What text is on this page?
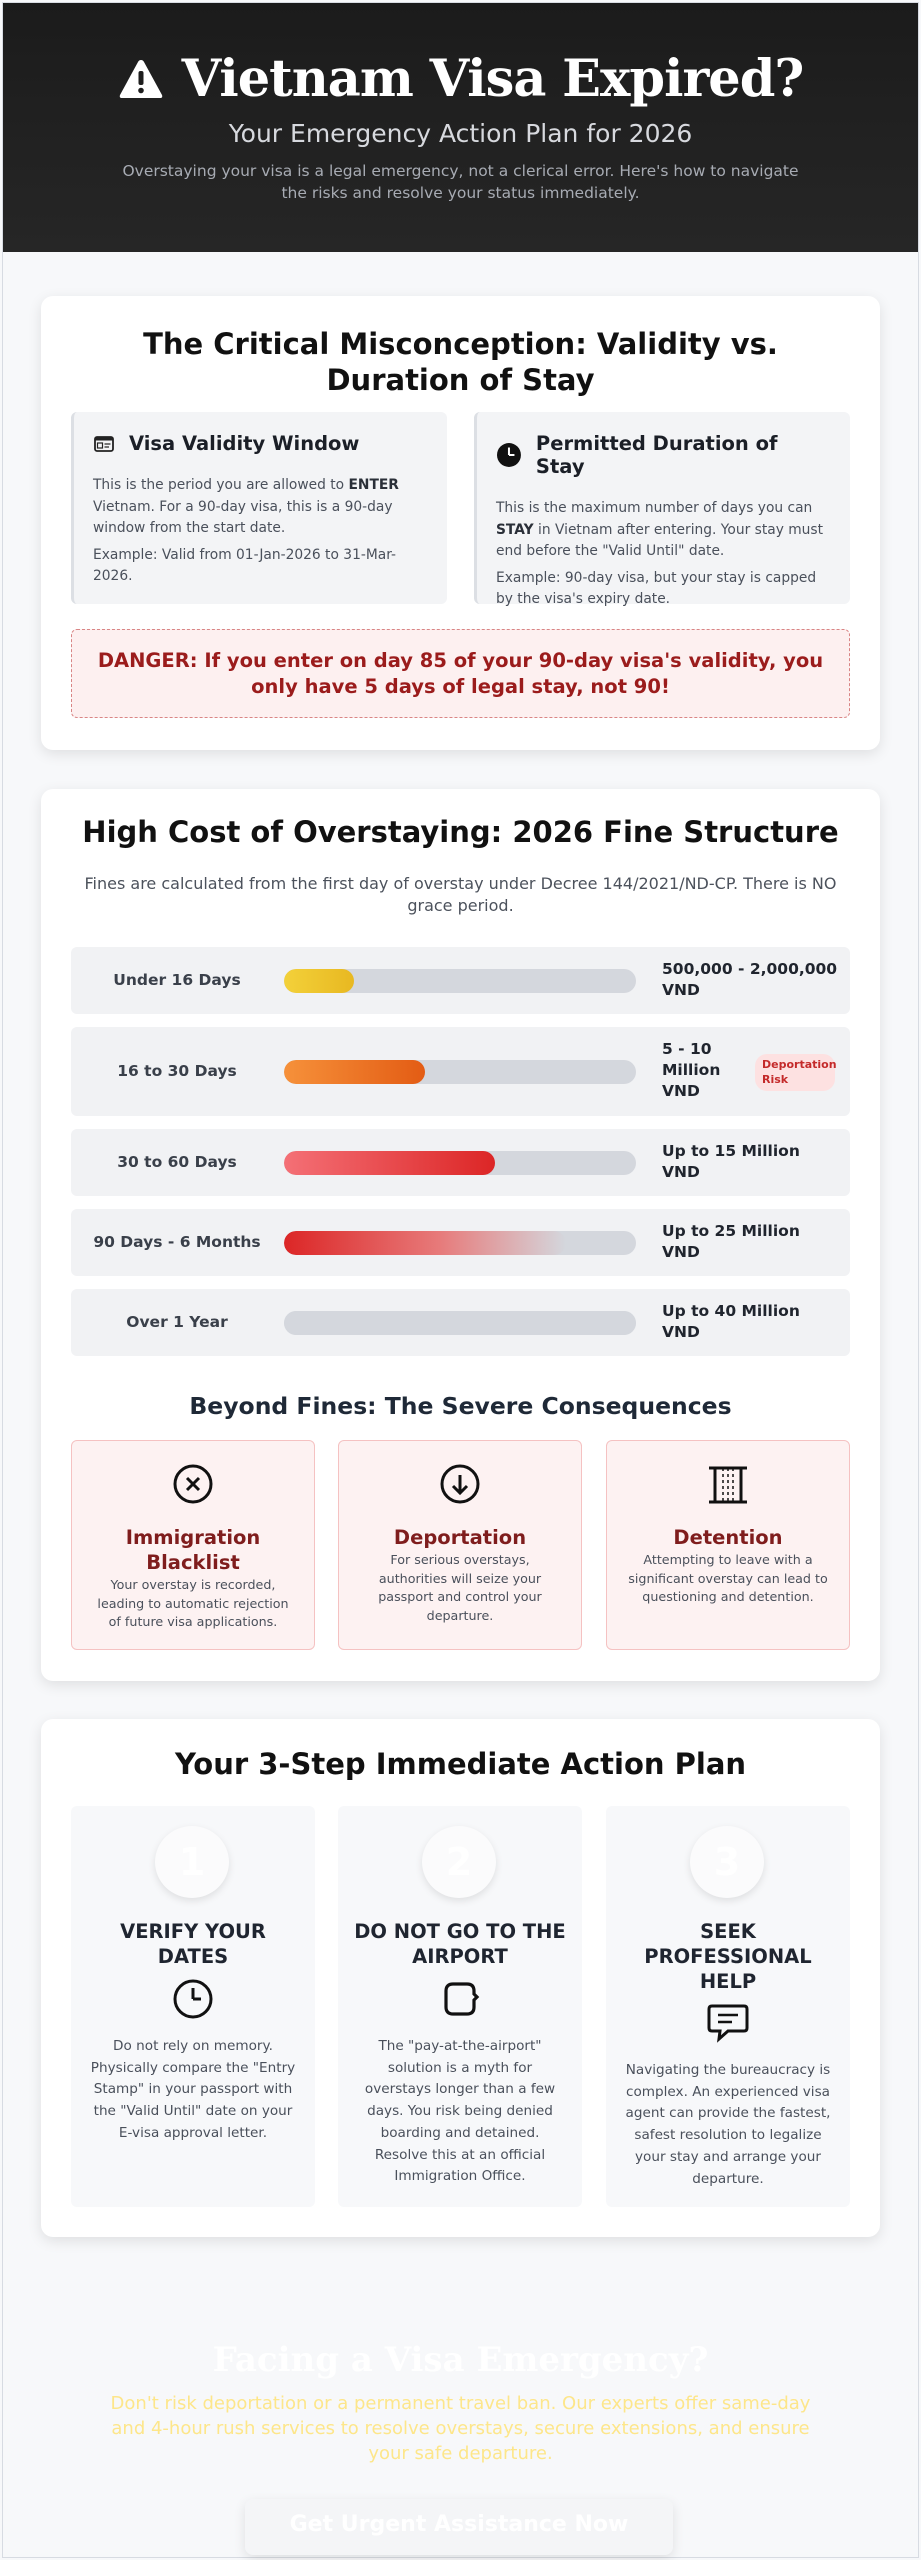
Vietnam Visa Expired?
Your Emergency Action Plan for 2026
Overstaying your visa is a legal emergency, not a clerical error. Here's how to navigate the risks and resolve your status immediately.
The Critical Misconception: Validity vs. Duration of Stay
Visa Validity Window

This is the period you are allowed to ENTER Vietnam. For a 90-day visa, this is a 90-day window from the start date.

Example: Valid from 01-Jan-2026 to 31-Mar-2026.

Permitted Duration of Stay

This is the maximum number of days you can STAY in Vietnam after entering. Your stay must end before the "Valid Until" date.

Example: 90-day visa, but your stay is capped by the visa's expiry date.

DANGER: If you enter on day 85 of your 90-day visa's validity, you only have 5 days of legal stay, not 90!
High Cost of Overstaying: 2026 Fine Structure

Fines are calculated from the first day of overstay under Decree 144/2021/ND-CP. There is NO grace period.

Under 16 Days
500,000 - 2,000,000 VND
16 to 30 Days
5 - 10 Million VND
Deportation Risk
30 to 60 Days
Up to 15 Million VND
90 Days - 6 Months
Up to 25 Million VND
Over 1 Year
Up to 40 Million VND
Beyond Fines: The Severe Consequences
Immigration Blacklist
Your overstay is recorded, leading to automatic rejection of future visa applications.
Deportation
For serious overstays, authorities will seize your passport and control your departure.
Detention
Attempting to leave with a significant overstay can lead to questioning and detention.
Your 3-Step Immediate Action Plan
1
VERIFY YOUR DATES
Do not rely on memory. Physically compare the "Entry Stamp" in your passport with the "Valid Until" date on your E-visa approval letter.
2
DO NOT GO TO THE AIRPORT
The "pay-at-the-airport" solution is a myth for overstays longer than a few days. You risk being denied boarding and detained. Resolve this at an official Immigration Office.
3
SEEK PROFESSIONAL HELP
Navigating the bureaucracy is complex. An experienced visa agent can provide the fastest, safest resolution to legalize your stay and arrange your departure.
Facing a Visa Emergency?

Don't risk deportation or a permanent travel ban. Our experts offer same-day and 4-hour rush services to resolve overstays, secure extensions, and ensure your safe departure.

Get Urgent Assistance Now
